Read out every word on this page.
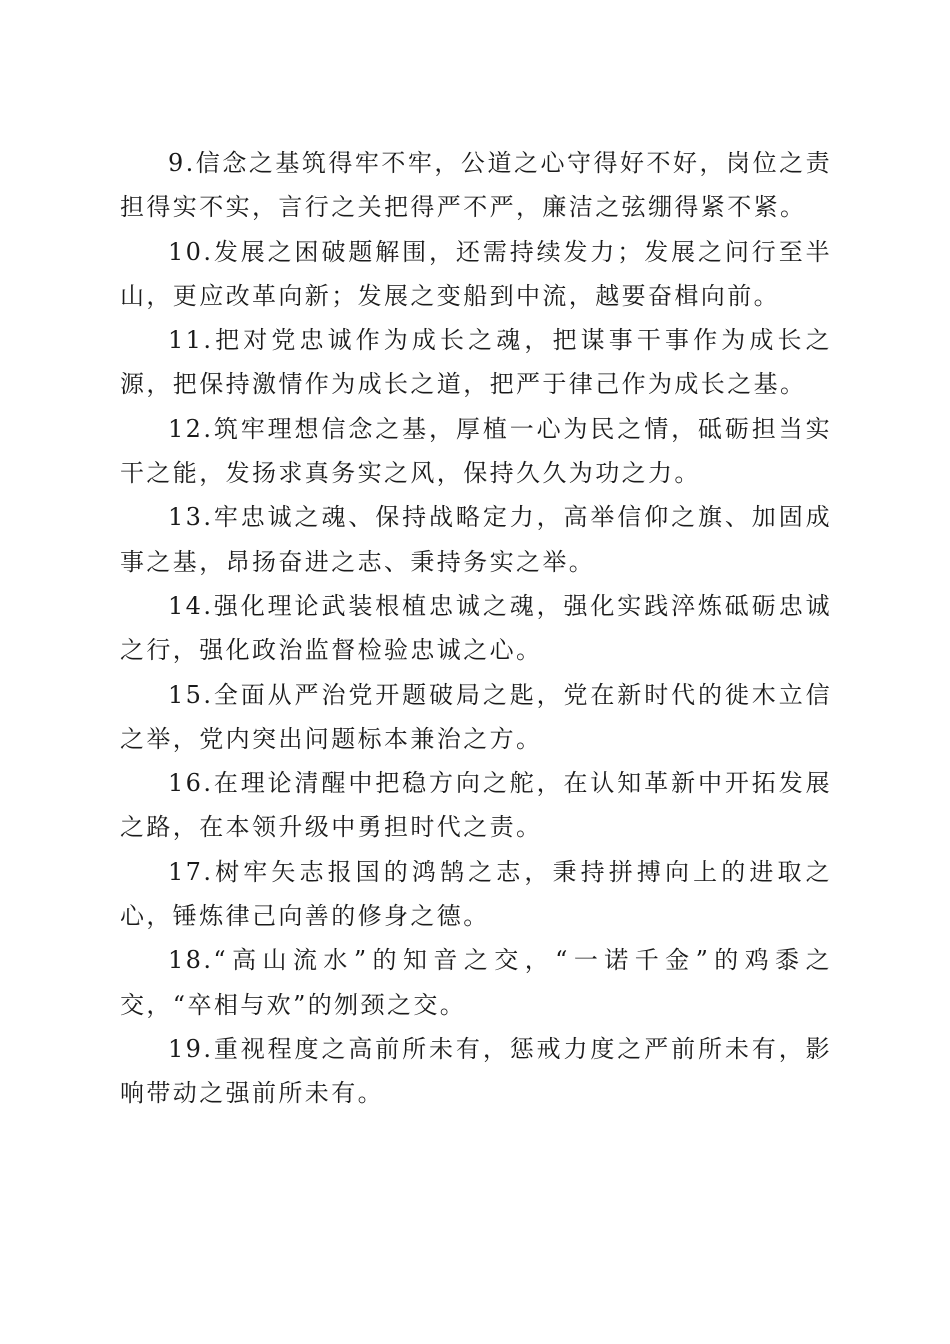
9.信念之基筑得牢不牢，公道之心守得好不好，岗位之责担得实不实，言行之关把得严不严，廉洁之弦绷得紧不紧。

10.发展之困破题解围，还需持续发力；发展之问行至半山，更应改革向新；发展之变船到中流，越要奋楫向前。

11.把对党忠诚作为成长之魂，把谋事干事作为成长之源，把保持激情作为成长之道，把严于律己作为成长之基。

12.筑牢理想信念之基，厚植一心为民之情，砥砺担当实干之能，发扬求真务实之风，保持久久为功之力。

13.牢忠诚之魂、保持战略定力，高举信仰之旗、加固成事之基，昂扬奋进之志、秉持务实之举。

14.强化理论武装根植忠诚之魂，强化实践淬炼砥砺忠诚之行，强化政治监督检验忠诚之心。

15.全面从严治党开题破局之匙，党在新时代的徙木立信之举，党内突出问题标本兼治之方。

16.在理论清醒中把稳方向之舵，在认知革新中开拓发展之路，在本领升级中勇担时代之责。

17.树牢矢志报国的鸿鹄之志，秉持拼搏向上的进取之心，锤炼律己向善的修身之德。

18.“高山流水”的知音之交，“一诺千金”的鸡黍之交，“卒相与欢”的刎颈之交。

19.重视程度之高前所未有，惩戒力度之严前所未有，影响带动之强前所未有。
